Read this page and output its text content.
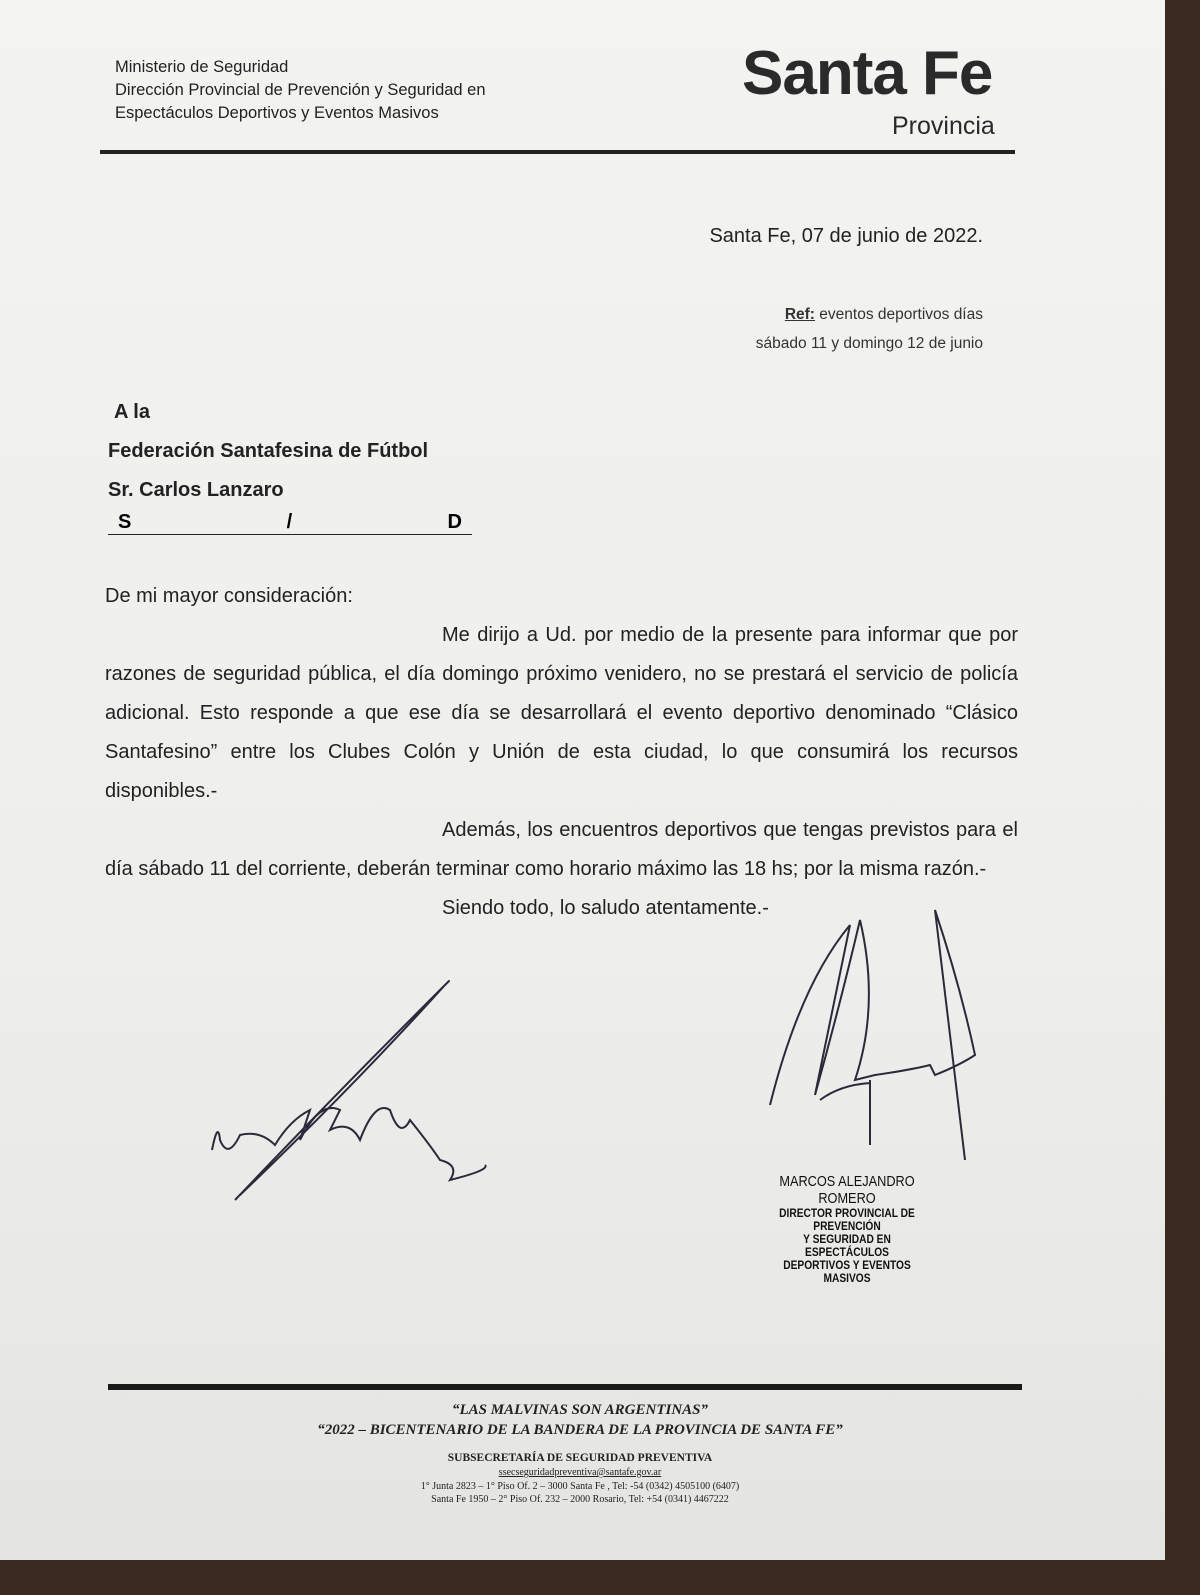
Ministerio de Seguridad
Dirección Provincial de Prevención y Seguridad en
Espectáculos Deportivos y Eventos Masivos
Santa Fe
Provincia
Santa Fe, 07 de junio de 2022.
Ref: eventos deportivos días
sábado 11 y domingo 12 de junio
A la
Federación Santafesina de Fútbol
Sr. Carlos Lanzaro
S	/	D

De mi mayor consideración:

Me dirijo a Ud. por medio de la presente para informar que por razones de seguridad pública, el día domingo próximo venidero, no se prestará el servicio de policía adicional. Esto responde a que ese día se desarrollará el evento deportivo denominado “Clásico Santafesino” entre los Clubes Colón y Unión de esta ciudad, lo que consumirá los recursos disponibles.-

Además, los encuentros deportivos que tengas previstos para el día sábado 11 del corriente, deberán terminar como horario máximo las 18 hs; por la misma razón.-

Siendo todo, lo saludo atentamente.-

MARCOS ALEJANDRO ROMERO
DIRECTOR PROVINCIAL DE PREVENCIÓN
Y SEGURIDAD EN ESPECTÁCULOS
DEPORTIVOS Y EVENTOS MASIVOS
“LAS MALVINAS SON ARGENTINAS”
“2022 – BICENTENARIO DE LA BANDERA DE LA PROVINCIA DE SANTA FE”
SUBSECRETARÍA DE SEGURIDAD PREVENTIVA
ssecseguridadpreventiva@santafe.gov.ar
1° Junta 2823 – 1° Piso Of. 2 – 3000 Santa Fe , Tel: -54 (0342) 4505100 (6407)
Santa Fe 1950 – 2° Piso Of. 232 – 2000 Rosario, Tel: +54 (0341) 4467222
